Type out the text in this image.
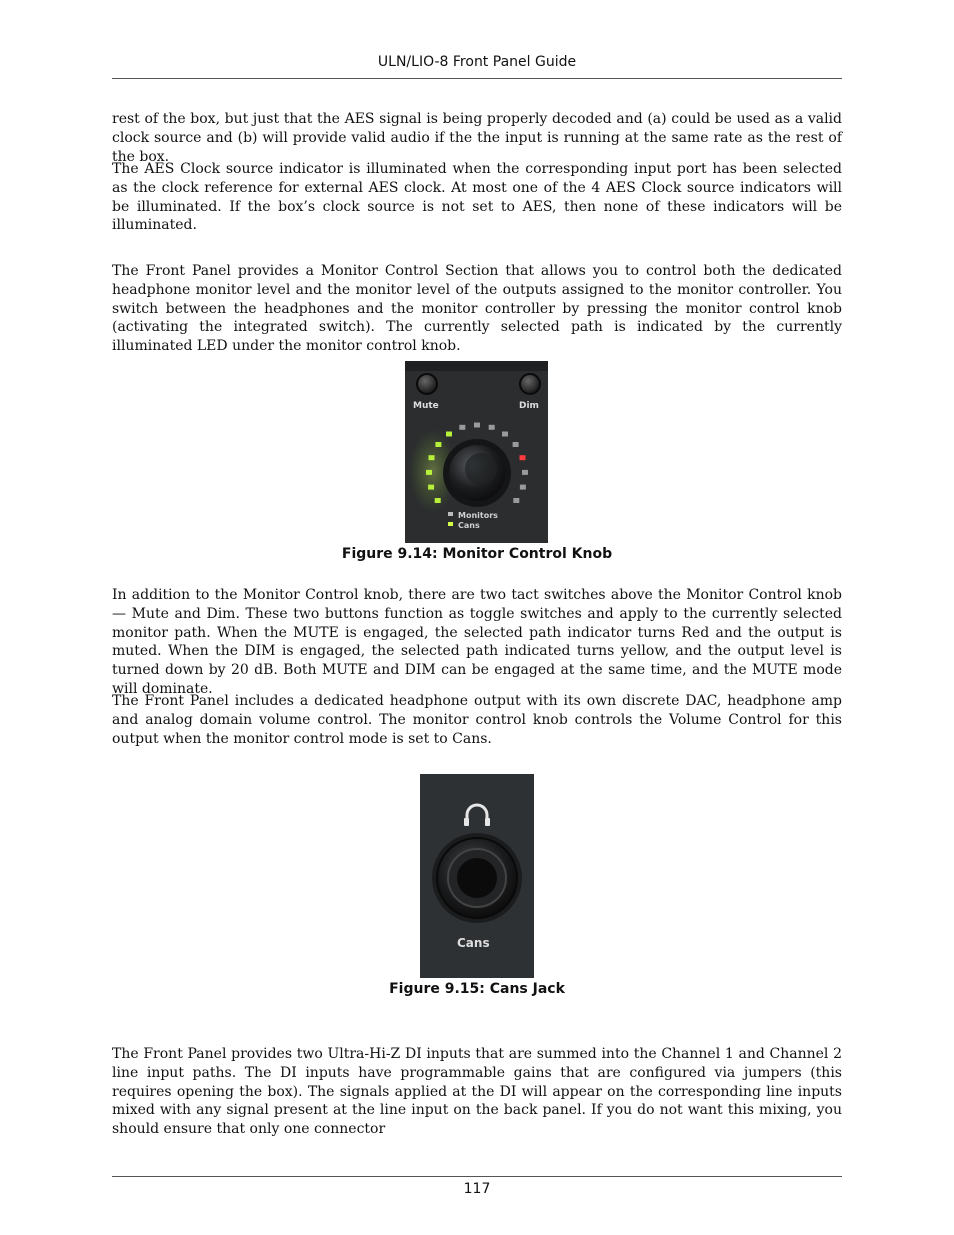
ULN/LIO-8 Front Panel Guide

rest of the box, but just that the AES signal is being properly decoded and (a) could be used as a valid clock source and (b) will provide valid audio if the the input is running at the same rate as the rest of the box.

The AES Clock source indicator is illuminated when the corresponding input port has been selected as the clock reference for external AES clock. At most one of the 4 AES Clock source indicators will be illuminated. If the box’s clock source is not set to AES, then none of these indicators will be illuminated.

The Front Panel provides a Monitor Control Section that allows you to control both the dedicated headphone monitor level and the monitor level of the outputs assigned to the monitor controller. You switch between the headphones and the monitor controller by pressing the monitor control knob (activating the integrated switch). The currently selected path is indicated by the currently illuminated LED under the monitor control knob.

Mute	Dim
Monitors
Cans
Figure 9.14: Monitor Control Knob

In addition to the Monitor Control knob, there are two tact switches above the Monitor Control knob — Mute and Dim. These two buttons function as toggle switches and apply to the currently selected monitor path. When the MUTE is engaged, the selected path indicator turns Red and the output is muted. When the DIM is engaged, the selected path indicated turns yellow, and the output level is turned down by 20 dB. Both MUTE and DIM can be engaged at the same time, and the MUTE mode will dominate.

The Front Panel includes a dedicated headphone output with its own discrete DAC, headphone amp and analog domain volume control. The monitor control knob controls the Volume Control for this output when the monitor control mode is set to Cans.

Cans
Figure 9.15: Cans Jack

The Front Panel provides two Ultra-Hi-Z DI inputs that are summed into the Channel 1 and Channel 2 line input paths. The DI inputs have programmable gains that are configured via jumpers (this requires opening the box). The signals applied at the DI will appear on the corresponding line inputs mixed with any signal present at the line input on the back panel. If you do not want this mixing, you should ensure that only one connector

117
